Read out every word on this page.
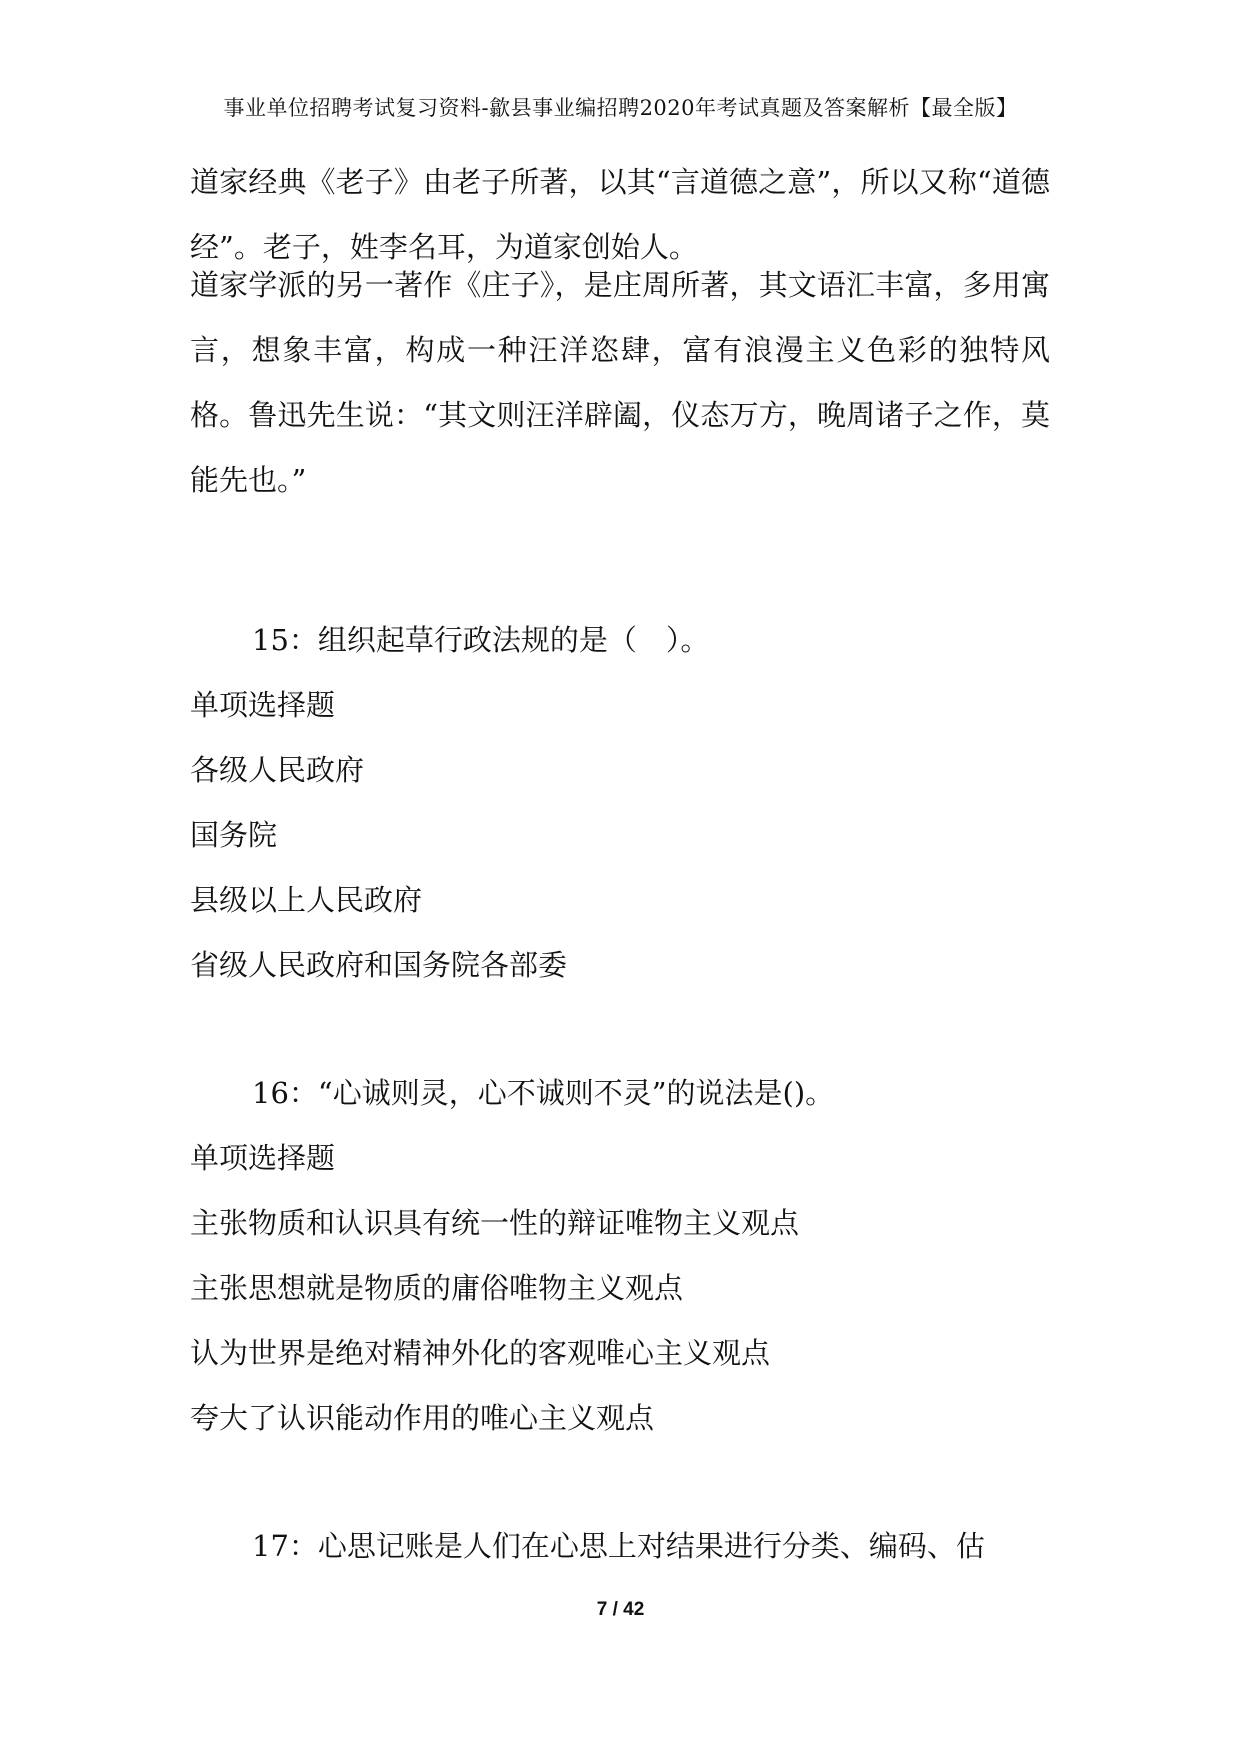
事业单位招聘考试复习资料-歙县事业编招聘2020年考试真题及答案解析【最全版】
道家经典《老子》由老子所著，以其“言道德之意”，所以又称“道德经”。老子，姓李名耳，为道家创始人。
道家学派的另一著作《庄子》，是庄周所著，其文语汇丰富，多用寓言，想象丰富，构成一种汪洋恣肆，富有浪漫主义色彩的独特风格。鲁迅先生说：“其文则汪洋辟阖，仪态万方，晚周诸子之作，莫能先也。”
15：组织起草行政法规的是（　）。
单项选择题
各级人民政府
国务院
县级以上人民政府
省级人民政府和国务院各部委
16：“心诚则灵，心不诚则不灵”的说法是()。
单项选择题
主张物质和认识具有统一性的辩证唯物主义观点
主张思想就是物质的庸俗唯物主义观点
认为世界是绝对精神外化的客观唯心主义观点
夸大了认识能动作用的唯心主义观点
17：心思记账是人们在心思上对结果进行分类、编码、估
7 / 42
